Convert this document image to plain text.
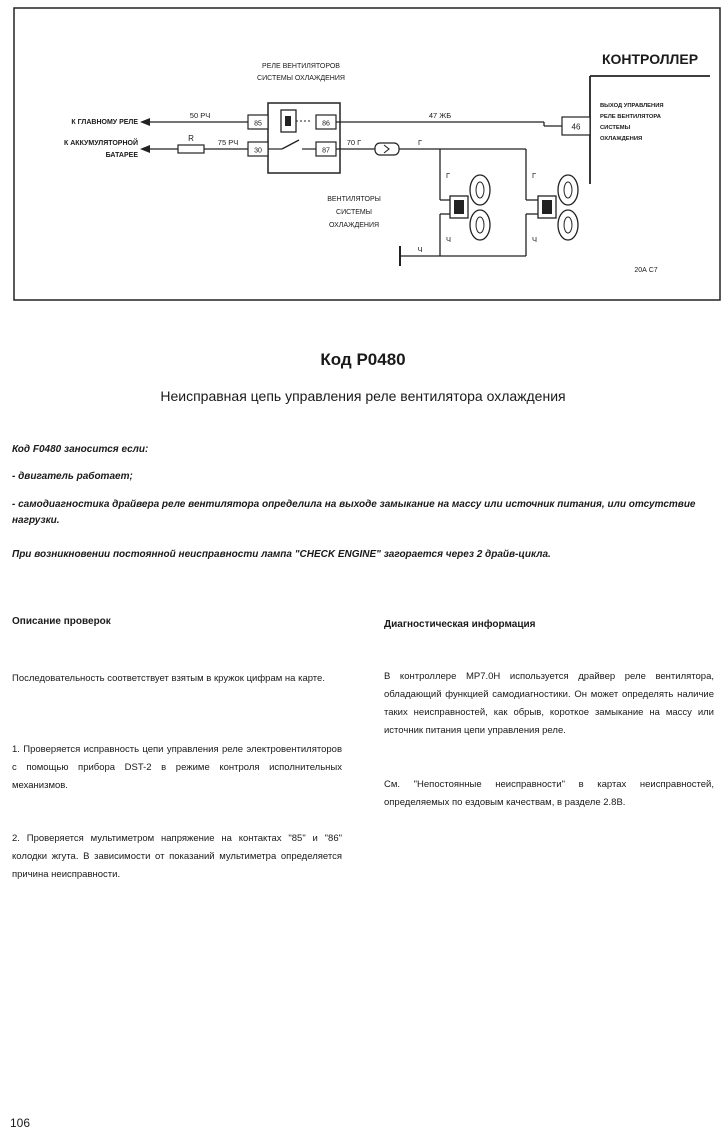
РЕЛЕ ВЕНТИЛЯТОРОВ
СИСТЕМЫ ОХЛАЖДЕНИЯ
85	86
30	87
50 РЧ
К ГЛАВНОМУ РЕЛЕ
R	75 РЧ
К АККУМУЛЯТОРНОЙ
БАТАРЕЕ
47 ЖБ
КОНТРОЛЛЕР
46
ВЫХОД УПРАВЛЕНИЯ
РЕЛЕ ВЕНТИЛЯТОРА
СИСТЕМЫ
ОХЛАЖДЕНИЯ
70 Г	Г
Г	Г
Ч
Ч	Ч
ВЕНТИЛЯТОРЫ
СИСТЕМЫ
ОХЛАЖДЕНИЯ
20А С7
Код P0480
Неисправная цепь управления реле вентилятора охлаждения
Код F0480 заносится если:
- двигатель работает;
- самодиагностика драйвера реле вентилятора определила на выходе замыкание на массу или источник питания, или отсутствие нагрузки.
При возникновении постоянной неисправности лампа "CHECK ENGINE" загорается через 2 драйв-цикла.
Описание проверок	Диагностическая информация
Последовательность соответствует взятым в кружок цифрам на карте.
1. Проверяется исправность цепи управления реле электровентиляторов с помощью прибора DST-2 в режиме контроля исполнительных механизмов.
2. Проверяется мультиметром напряжение на контактах "85" и "86" колодки жгута. В зависимости от показаний мультиметра определяется причина неисправности.
В контроллере МР7.0Н используется драйвер реле вентилятора, обладающий функцией самодиагностики. Он может определять наличие таких неисправностей, как обрыв, короткое замыкание на массу или источник питания цепи управления реле.
См. "Непостоянные неисправности" в картах неисправностей, определяемых по ездовым качествам, в разделе 2.8В.
106
